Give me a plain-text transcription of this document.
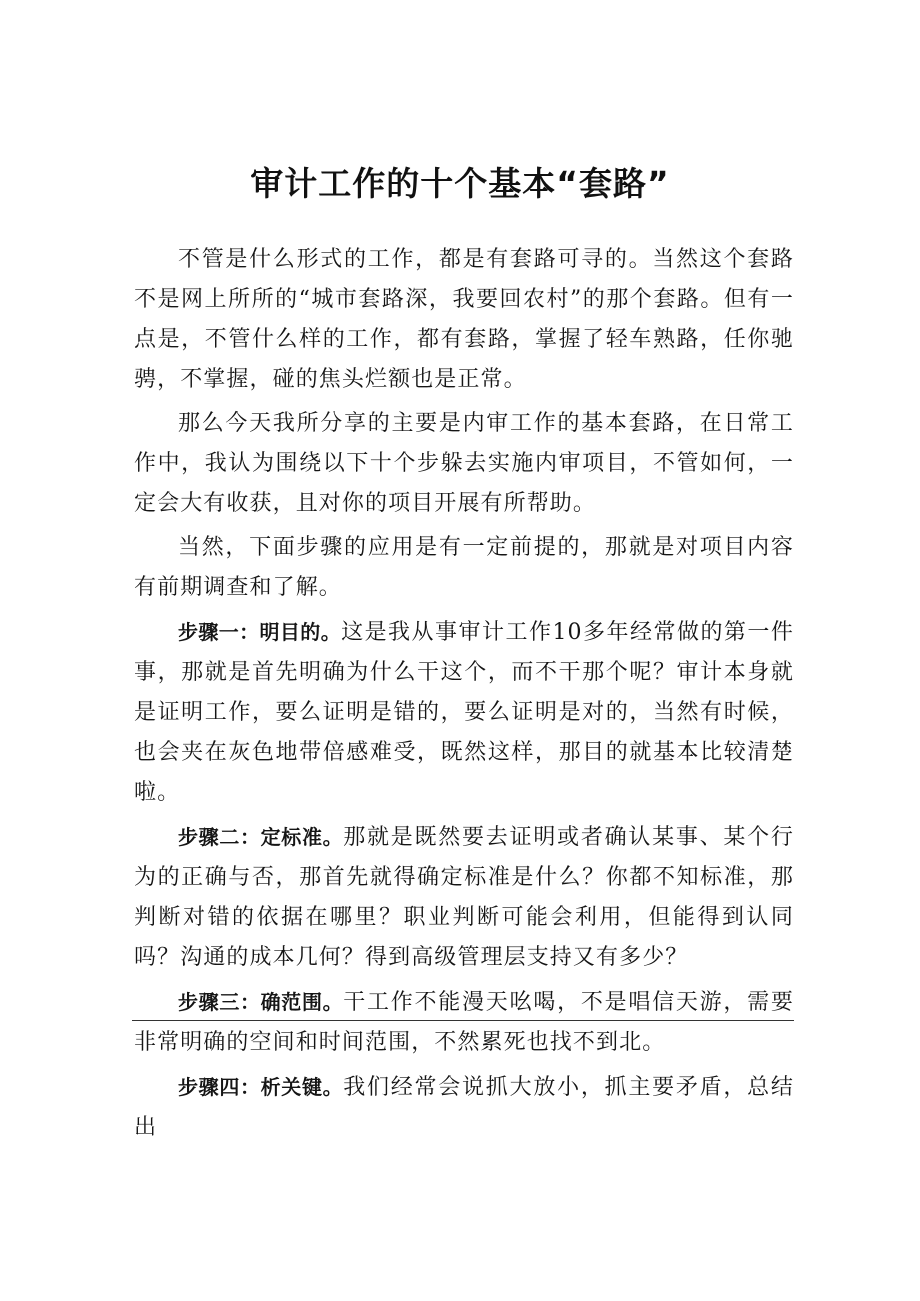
审计工作的十个基本“套路”

不管是什么形式的工作，都是有套路可寻的。当然这个套路不是网上所所的“城市套路深，我要回农村”的那个套路。但有一点是，不管什么样的工作，都有套路，掌握了轻车熟路，任你驰骋，不掌握，碰的焦头烂额也是正常。

那么今天我所分享的主要是内审工作的基本套路，在日常工作中，我认为围绕以下十个步躲去实施内审项目，不管如何，一定会大有收获，且对你的项目开展有所帮助。

当然，下面步骤的应用是有一定前提的，那就是对项目内容有前期调查和了解。

步骤一：明目的。这是我从事审计工作10多年经常做的第一件事，那就是首先明确为什么干这个，而不干那个呢？审计本身就是证明工作，要么证明是错的，要么证明是对的，当然有时候，也会夹在灰色地带倍感难受，既然这样，那目的就基本比较清楚啦。

步骤二：定标准。那就是既然要去证明或者确认某事、某个行为的正确与否，那首先就得确定标准是什么？你都不知标准，那判断对错的依据在哪里？职业判断可能会利用，但能得到认同吗？沟通的成本几何？得到高级管理层支持又有多少？

步骤三：确范围。干工作不能漫天吆喝，不是唱信天游，需要非常明确的空间和时间范围，不然累死也找不到北。

步骤四：析关键。我们经常会说抓大放小，抓主要矛盾，总结出
